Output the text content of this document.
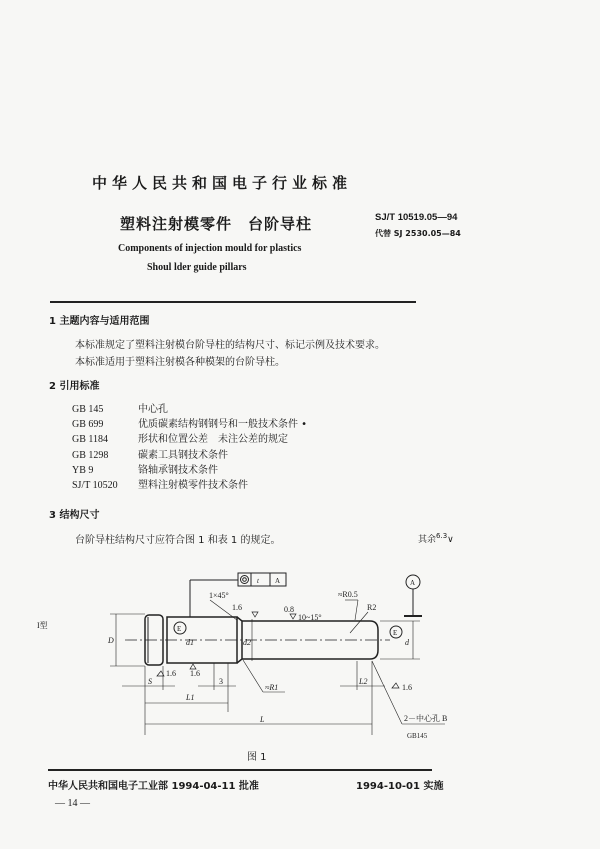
中华人民共和国电子行业标准
塑料注射模零件 台阶导柱	SJ/T 10519.05—94
代替 SJ 2530.05—84
Components of injection mould for plastics
Shoul lder guide pillars
1 主题内容与适用范围
本标准规定了塑料注射模台阶导柱的结构尺寸、标记示例及技术要求。
本标准适用于塑料注射模各种模架的台阶导柱。
2 引用标准
GB 145	中心孔
GB 699	优质碳素结构钢钢号和一般技术条件 •
GB 1184	形状和位置公差　未注公差的规定
GB 1298	碳素工具钢技术条件
YB 9	铬轴承钢技术条件
SJ/T 10520	塑料注射模零件技术条件
3 结构尺寸
台阶导柱结构尺寸应符合图 1 和表 1 的规定。	其余$^{6.3}$∨
I型
D	d1	d2	d
L
L1
L2
S	3
1×45°
1.6
1.6
1.6
1.6
0.8
10~15°
≈R0.5
R2
≈R1
A
A
t
E	E
2－中心孔 B
GB145
图 1
中华人民共和国电子工业部 1994-04-11 批准	1994-10-01 实施
— 14 —
